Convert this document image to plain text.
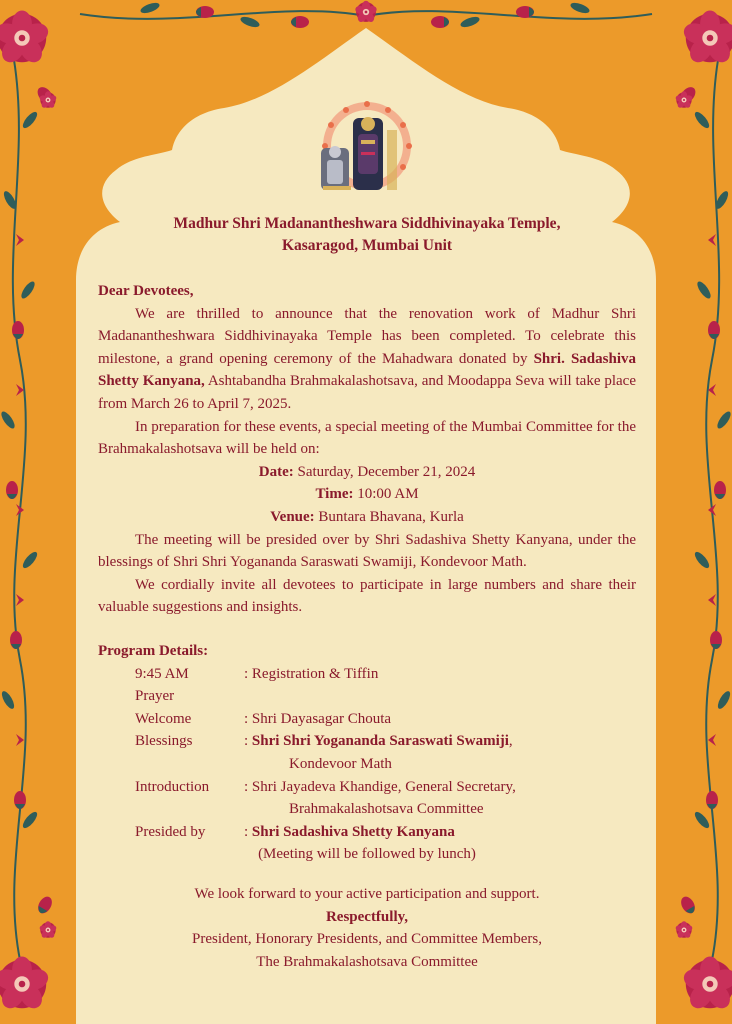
Madhur Shri Madanantheshwara Siddhivinayaka Temple,
Kasaragod, Mumbai Unit

Dear Devotees,

We are thrilled to announce that the renovation work of Madhur Shri Madanantheshwara Siddhivinayaka Temple has been completed. To celebrate this milestone, a grand opening ceremony of the Mahadwara donated by Shri. Sadashiva Shetty Kanyana, Ashtabandha Brahmakalashotsava, and Moodappa Seva will take place from March 26 to April 7, 2025.

In preparation for these events, a special meeting of the Mumbai Committee for the Brahmakalashotsava will be held on:

Date: Saturday, December 21, 2024

Time: 10:00 AM

Venue: Buntara Bhavana, Kurla

The meeting will be presided over by Shri Sadashiva Shetty Kanyana, under the blessings of Shri Shri Yogananda Saraswati Swamiji, Kondevoor Math.

We cordially invite all devotees to participate in large numbers and share their valuable suggestions and insights.

Program Details:

9:45 AM	: Registration & Tiffin
Prayer
Welcome	: Shri Dayasagar Chouta
Blessings	: Shri Shri Yogananda Saraswati Swamiji,
Kondevoor Math
Introduction	: Shri Jayadeva Khandige, General Secretary,
Brahmakalashotsava Committee
Presided by	: Shri Sadashiva Shetty Kanyana

(Meeting will be followed by lunch)

We look forward to your active participation and support.

Respectfully,

President, Honorary Presidents, and Committee Members,

The Brahmakalashotsava Committee
